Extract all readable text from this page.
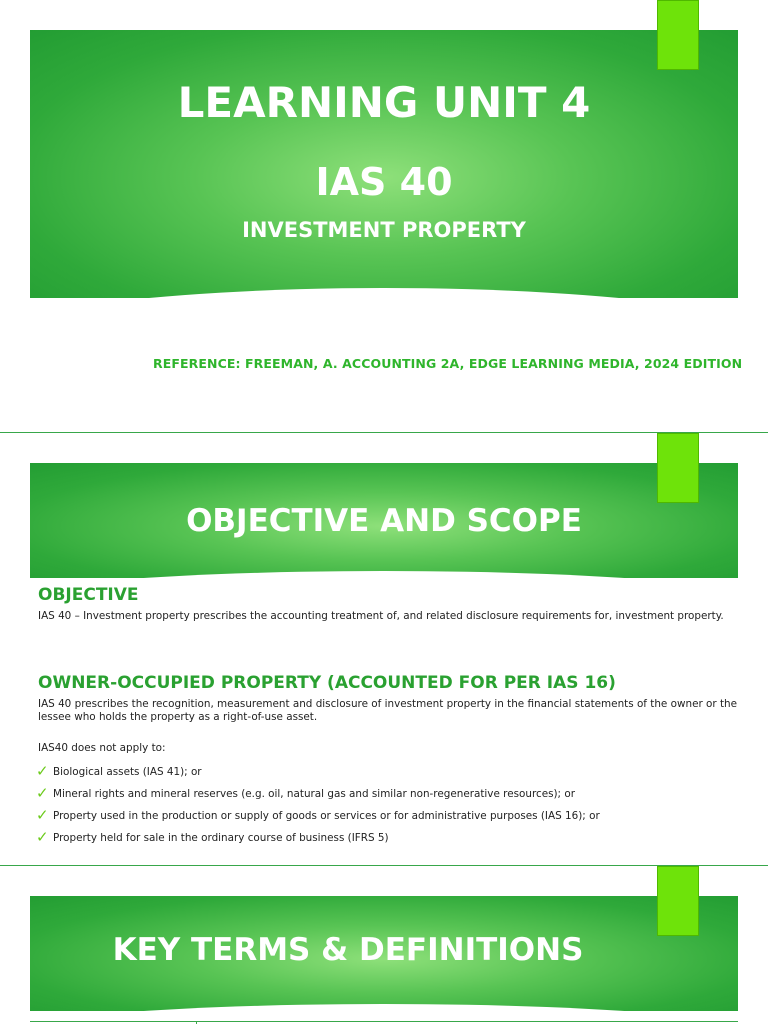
LEARNING UNIT 4
IAS 40
INVESTMENT PROPERTY
REFERENCE: FREEMAN, A. ACCOUNTING 2A, EDGE LEARNING MEDIA, 2024 EDITION
OBJECTIVE AND SCOPE
OBJECTIVE
IAS 40 – Investment property prescribes the accounting treatment of, and related disclosure requirements for, investment property.
OWNER-OCCUPIED PROPERTY (ACCOUNTED FOR PER IAS 16)
IAS 40 prescribes the recognition, measurement and disclosure of investment property in the financial statements of the owner or the lessee who holds the property as a right-of-use asset.
IAS40 does not apply to:
✓ Biological assets (IAS 41); or
✓ Mineral rights and mineral reserves (e.g. oil, natural gas and similar non-regenerative resources); or
✓ Property used in the production or supply of goods or services or for administrative purposes (IAS 16); or
✓ Property held for sale in the ordinary course of business (IFRS 5)
KEY TERMS & DEFINITIONS
